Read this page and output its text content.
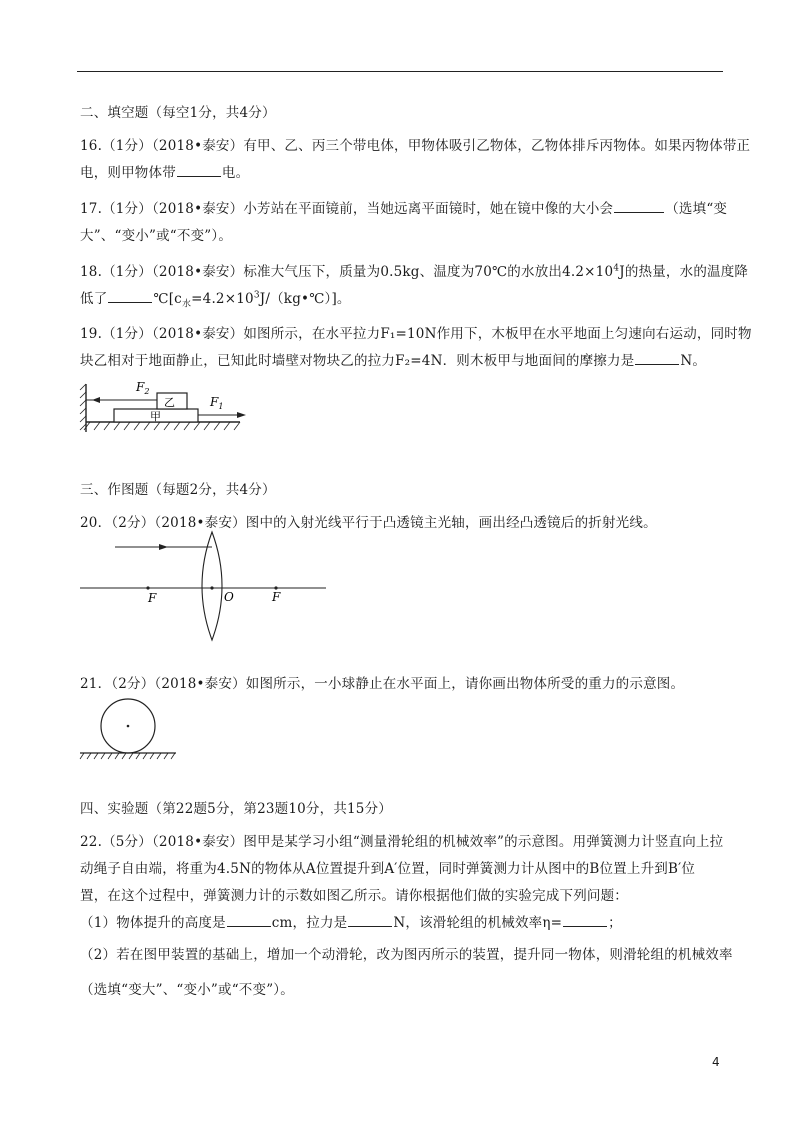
二、填空题（每空1分，共4分）
16.（1分）（2018•泰安）有甲、乙、丙三个带电体，甲物体吸引乙物体，乙物体排斥丙物体。如果丙物体带正
电，则甲物体带	电。
17.（1分）（2018•泰安）小芳站在平面镜前，当她远离平面镜时，她在镜中像的大小会	（选填“变
大”、“变小”或“不变”）。
18.（1分）（2018•泰安）标准大气压下，质量为0.5kg、温度为70℃的水放出$4.2\times 10^4J$的热量，水的温度降
低了	$℃[c_水=4.2\times 10^3J/(kg•℃)]$。
19.（1分）（2018•泰安）如图所示，在水平拉力F₁=10N作用下，木板甲在水平地面上匀速向右运动，同时物
块乙相对于地面静止，已知此时墙壁对物块乙的拉力F₂=4N．则木板甲与地面间的摩擦力是	N。
甲
乙
$F_2$
$F_1$
三、作图题（每题2分，共4分）
20．（2分）（2018•泰安）图中的入射光线平行于凸透镜主光轴，画出经凸透镜后的折射光线。
F	O	F
21．（2分）（2018•泰安）如图所示，一小球静止在水平面上，请你画出物体所受的重力的示意图。
四、实验题（第22题5分，第23题10分，共15分）
22.（5分）（2018•泰安）图甲是某学习小组“测量滑轮组的机械效率”的示意图。用弹簧测力计竖直向上拉
动绳子自由端，将重为4.5N的物体从A位置提升到A′位置，同时弹簧测力计从图中的B位置上升到B′位
置，在这个过程中，弹簧测力计的示数如图乙所示。请你根据他们做的实验完成下列问题：
（1）物体提升的高度是	cm，拉力是	N，该滑轮组的机械效率η=	；
（2）若在图甲装置的基础上，增加一个动滑轮，改为图丙所示的装置，提升同一物体，则滑轮组的机械效率
（选填“变大”、“变小”或“不变”）。
4
